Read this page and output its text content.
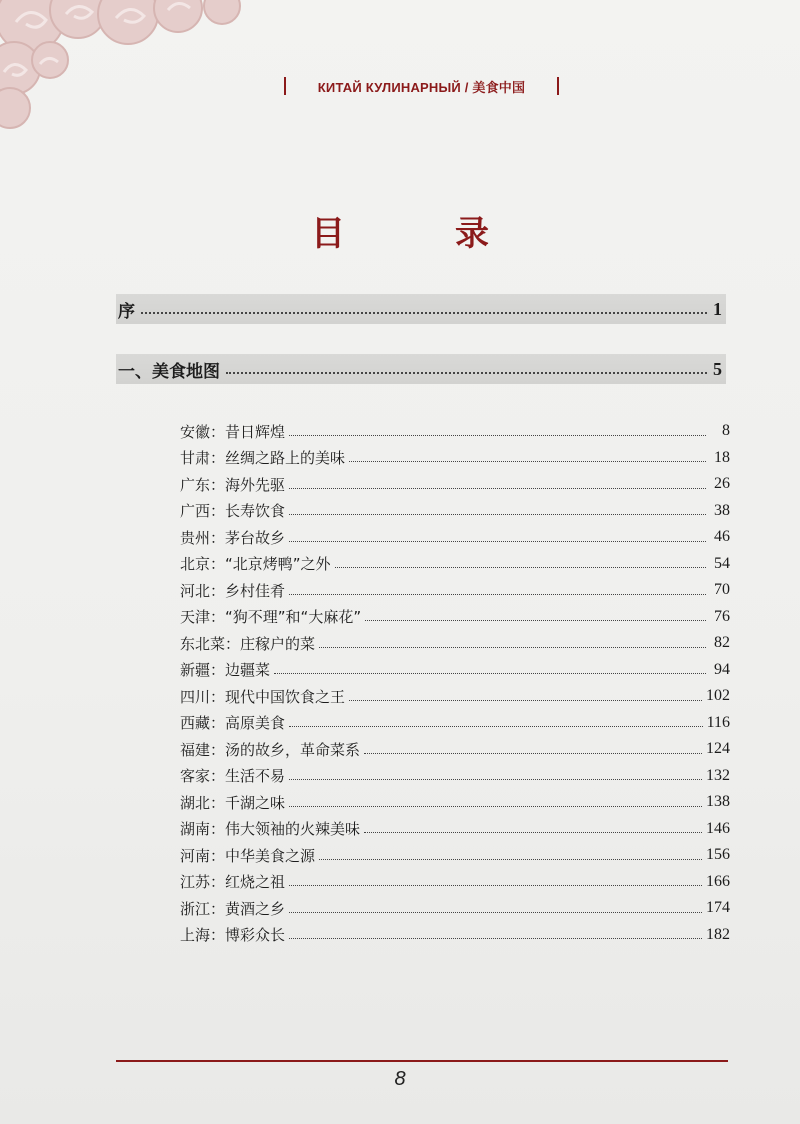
КИТАЙ КУЛИНАРНЫЙ / 美食中国
目　录
序	1
一、美食地图	5
安徽：昔日辉煌	8
甘肃：丝绸之路上的美味	18
广东：海外先驱	26
广西：长寿饮食	38
贵州：茅台故乡	46
北京：“北京烤鸭”之外	54
河北：乡村佳肴	70
天津：“狗不理”和“大麻花”	76
东北菜：庄稼户的菜	82
新疆：边疆菜	94
四川：现代中国饮食之王	102
西藏：高原美食	116
福建：汤的故乡，革命菜系	124
客家：生活不易	132
湖北：千湖之味	138
湖南：伟大领袖的火辣美味	146
河南：中华美食之源	156
江苏：红烧之祖	166
浙江：黄酒之乡	174
上海：博彩众长	182
8
